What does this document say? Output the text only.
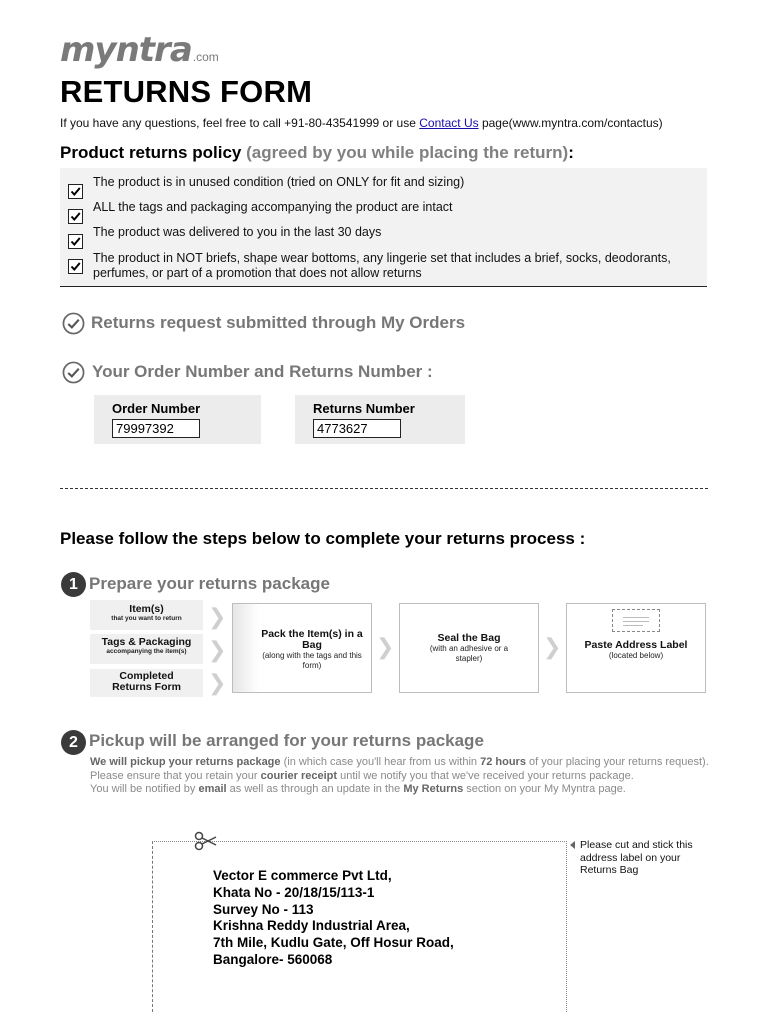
myntra.com
RETURNS FORM
If you have any questions, feel free to call +91-80-43541999 or use Contact Us page(www.myntra.com/contactus)
Product returns policy (agreed by you while placing the return):
The product is in unused condition (tried on ONLY for fit and sizing)
ALL the tags and packaging accompanying the product are intact
The product was delivered to you in the last 30 days
The product in NOT briefs, shape wear bottoms, any lingerie set that includes a brief, socks, deodorants, perfumes, or part of a promotion that does not allow returns
Returns request submitted through My Orders
Your Order Number and Returns Number :
Order Number
79997392
Returns Number
4773627
Please follow the steps below to complete your returns process :
1 Prepare your returns package
Item(s)
that you want to return
Tags & Packaging
accompanying the item(s)
Completed Returns Form
❯
❯
❯
Pack the Item(s) in a Bag
(along with the tags and this form)
❯	Seal the Bag
(with an adhesive or a stapler)	❯	Paste Address Label
(located below)
2 Pickup will be arranged for your returns package
We will pickup your returns package (in which case you'll hear from us within 72 hours of your placing your returns request).
Please ensure that you retain your courier receipt until we notify you that we've received your returns package.
You will be notified by email as well as through an update in the My Returns section on your My Myntra page.
Vector E commerce Pvt Ltd,
Khata No - 20/18/15/113-1
Survey No - 113
Krishna Reddy Industrial Area,
7th Mile, Kudlu Gate, Off Hosur Road,
Bangalore- 560068
Please cut and stick this address label on your Returns Bag
